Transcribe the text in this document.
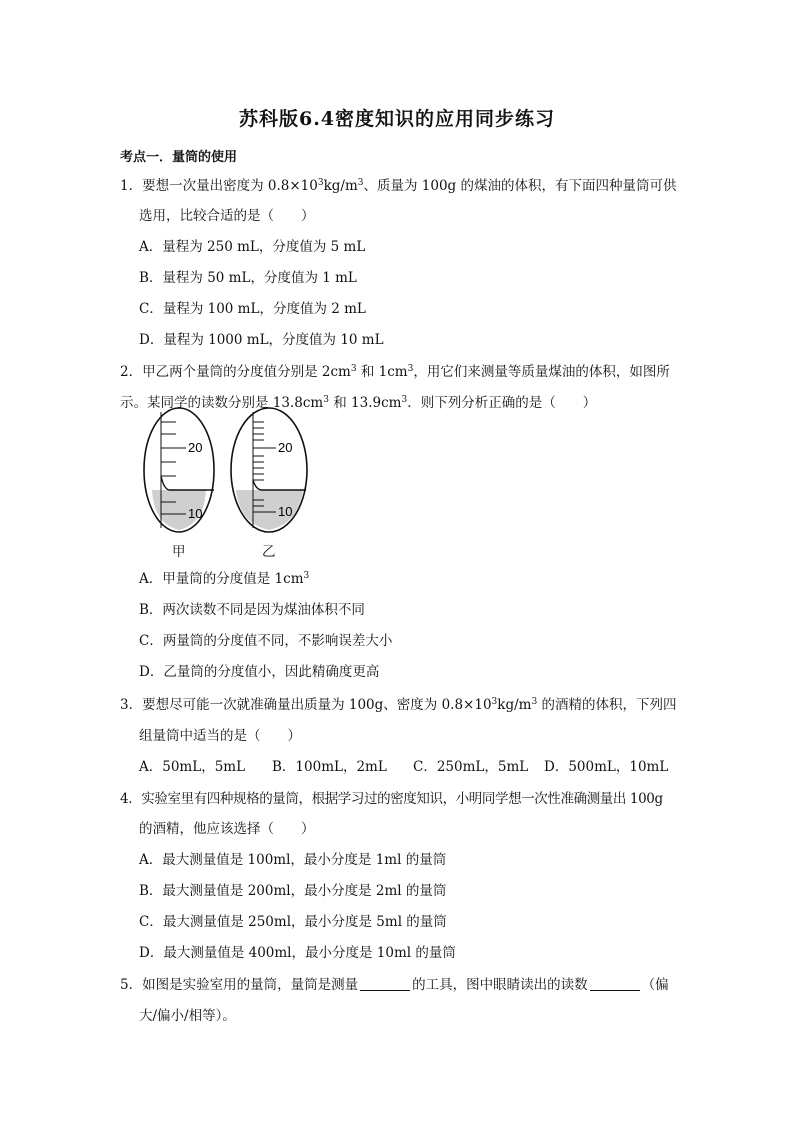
苏科版6.4密度知识的应用同步练习
考点一．量筒的使用
1．要想一次量出密度为 $0.8\times 10^3kg/m^3$、质量为 100g 的煤油的体积，有下面四种量筒可供
选用，比较合适的是（　　）
A．量程为 250 mL，分度值为 5 mL
B．量程为 50 mL，分度值为 1 mL
C．量程为 100 mL，分度值为 2 mL
D．量程为 1000 mL，分度值为 10 mL
2．甲乙两个量筒的分度值分别是 $2cm^3$ 和 $1cm^3$，用它们来测量等质量煤油的体积，如图所
示。某同学的读数分别是 $13.8cm^3$ 和 $13.9cm^3$．则下列分析正确的是（　　）
20
10
20
10
甲	乙
A．甲量筒的分度值是 $1cm^3$
B．两次读数不同是因为煤油体积不同
C．两量筒的分度值不同，不影响误差大小
D．乙量筒的分度值小，因此精确度更高
3．要想尽可能一次就准确量出质量为 100g、密度为 $0.8\times 10^3kg/m^3$ 的酒精的体积，下列四
组量筒中适当的是（　　）
A．50mL，5mL B．100mL，2mL C．250mL，5mL D．500mL，10mL
4．实验室里有四种规格的量筒，根据学习过的密度知识，小明同学想一次性准确测量出 100g
的酒精，他应该选择（　　）
A．最大测量值是 100ml，最小分度是 1ml 的量筒
B．最大测量值是 200ml，最小分度是 2ml 的量筒
C．最大测量值是 250ml，最小分度是 5ml 的量筒
D．最大测量值是 400ml，最小分度是 10ml 的量筒
5．如图是实验室用的量筒，量筒是测量	的工具，图中眼睛读出的读数	（偏
大/偏小/相等）。
